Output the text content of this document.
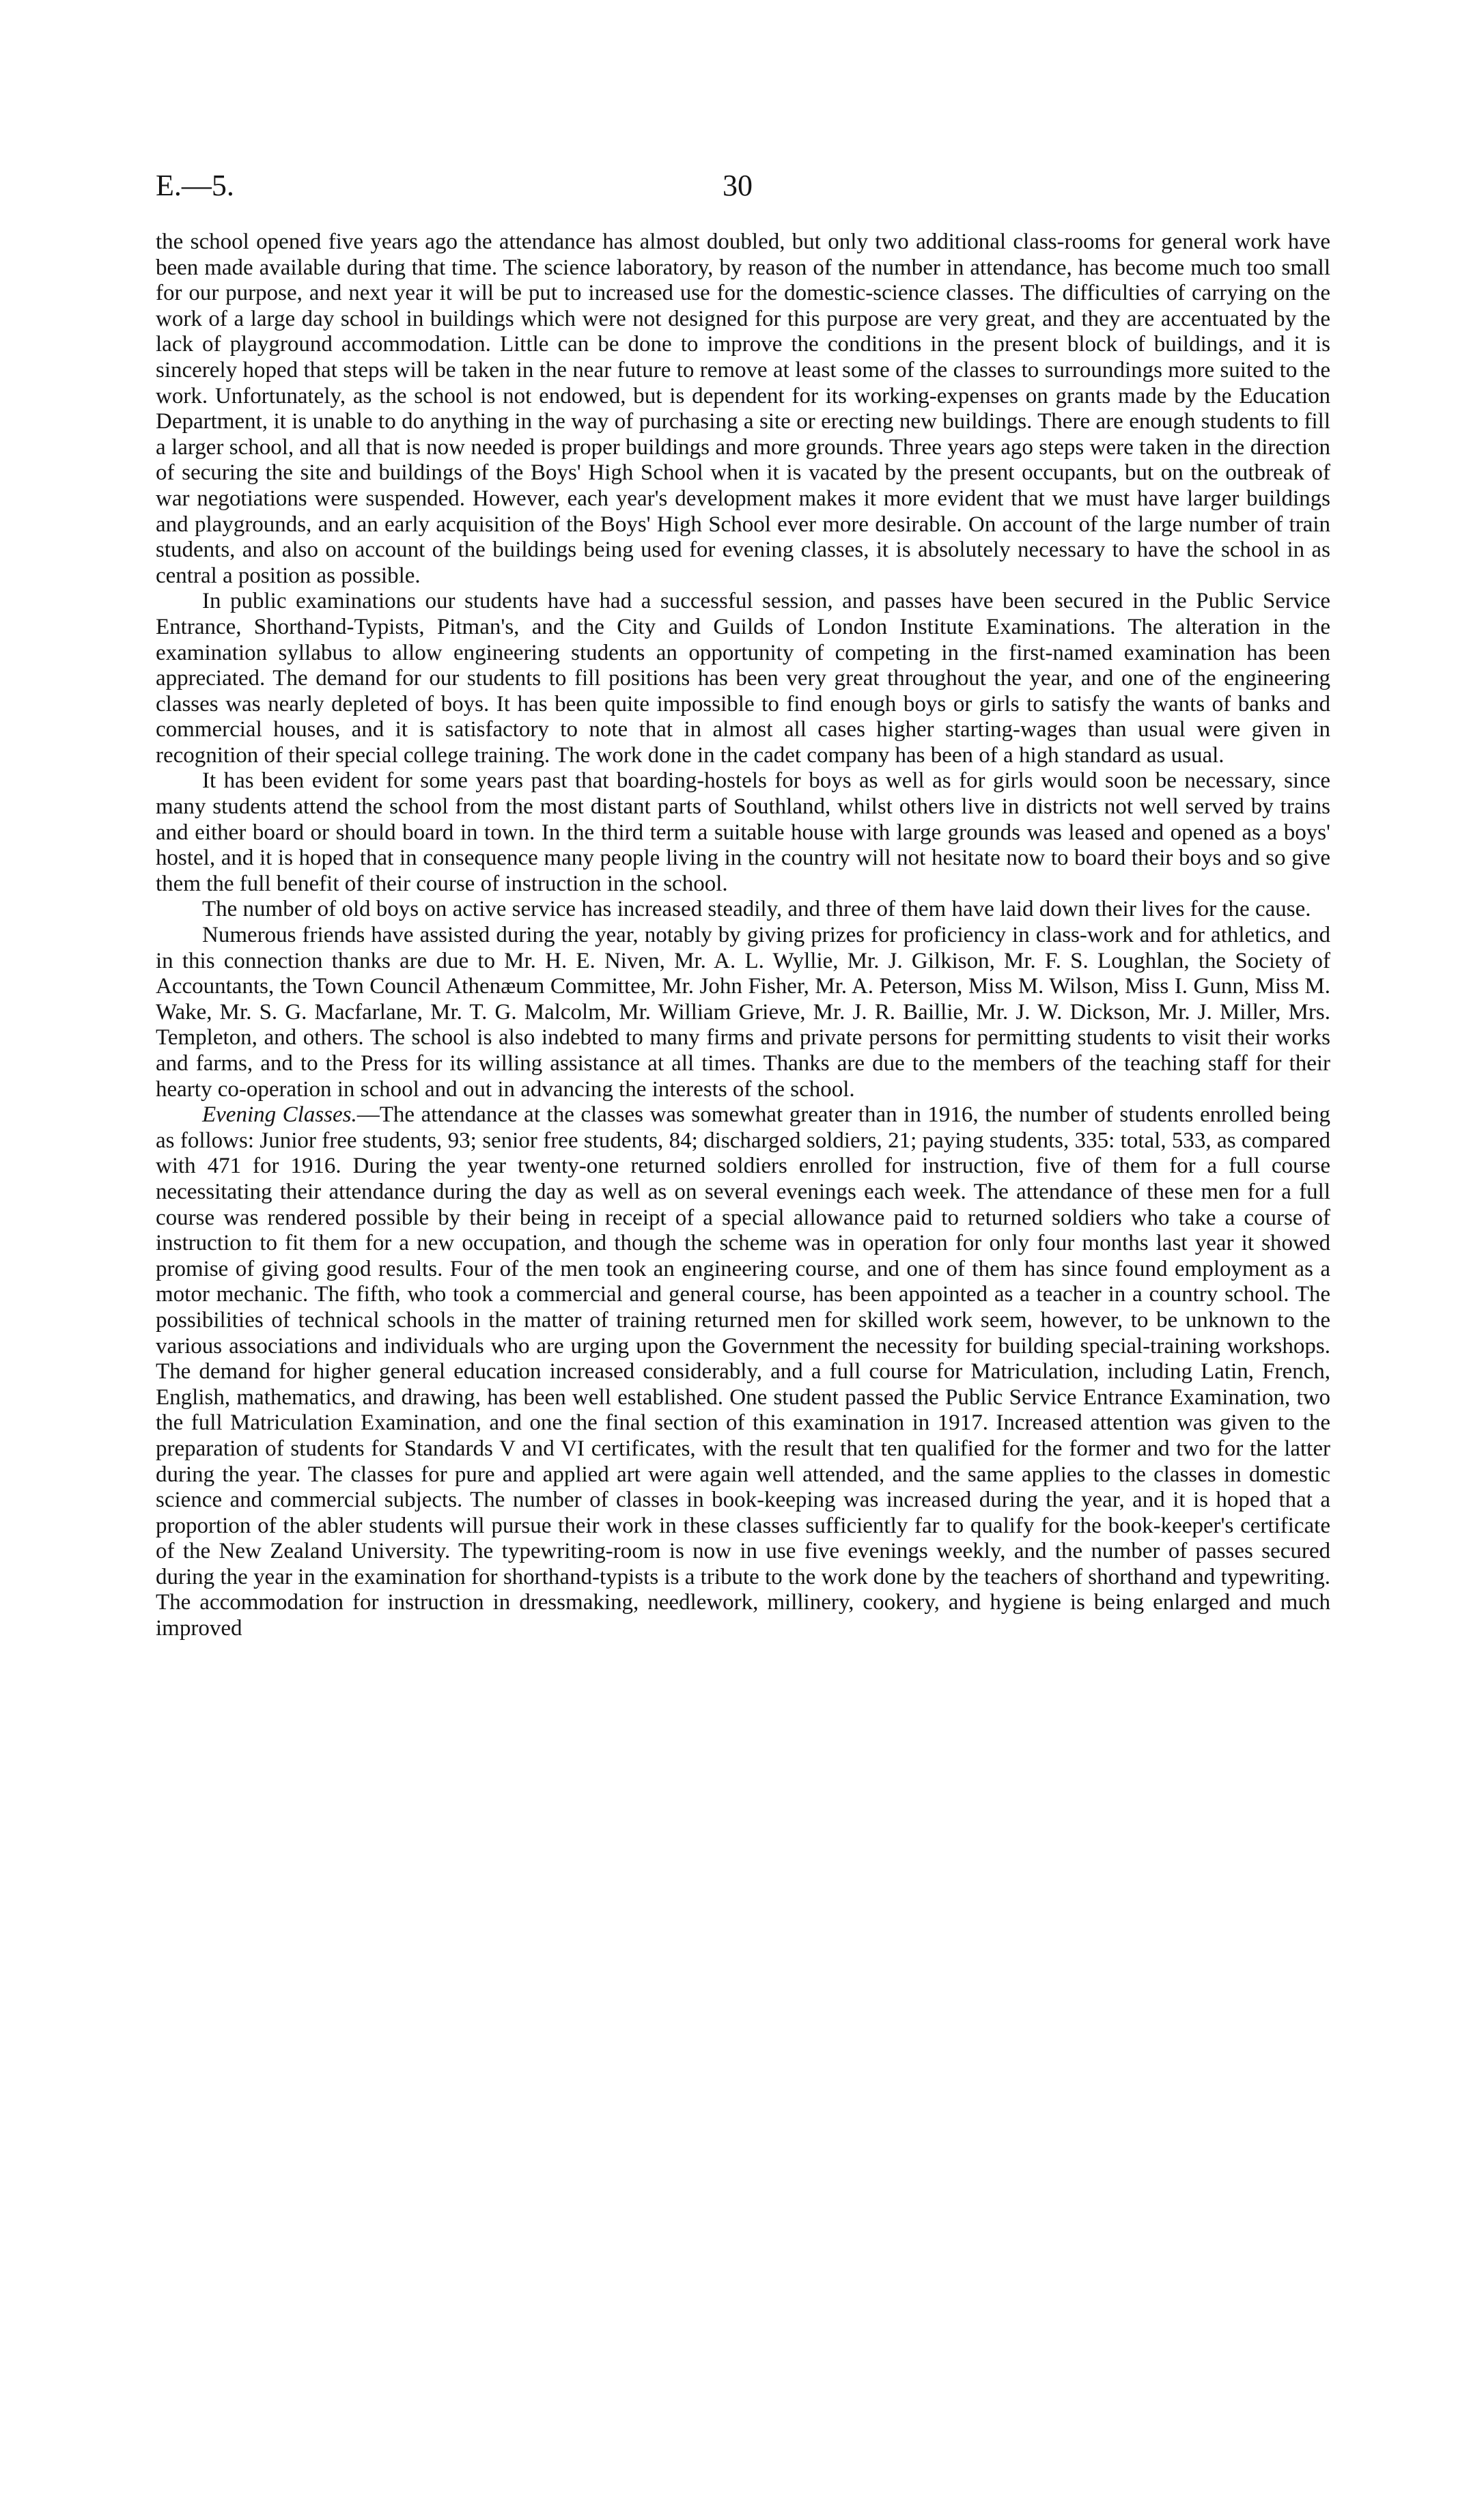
E.—5.	30

the school opened five years ago the attendance has almost doubled, but only two additional class-rooms for general work have been made available during that time. The science laboratory, by reason of the number in attendance, has become much too small for our purpose, and next year it will be put to increased use for the domestic-science classes. The difficulties of carrying on the work of a large day school in buildings which were not designed for this purpose are very great, and they are accentuated by the lack of playground accommodation. Little can be done to improve the conditions in the present block of buildings, and it is sincerely hoped that steps will be taken in the near future to remove at least some of the classes to surroundings more suited to the work. Unfortunately, as the school is not endowed, but is dependent for its working-expenses on grants made by the Education Department, it is unable to do anything in the way of purchasing a site or erecting new buildings. There are enough students to fill a larger school, and all that is now needed is proper buildings and more grounds. Three years ago steps were taken in the direction of securing the site and buildings of the Boys' High School when it is vacated by the present occupants, but on the outbreak of war negotiations were suspended. However, each year's development makes it more evident that we must have larger buildings and playgrounds, and an early acquisition of the Boys' High School ever more desirable. On account of the large number of train students, and also on account of the buildings being used for evening classes, it is absolutely necessary to have the school in as central a position as possible.

In public examinations our students have had a successful session, and passes have been secured in the Public Service Entrance, Shorthand-Typists, Pitman's, and the City and Guilds of London Institute Examinations. The alteration in the examination syllabus to allow engineering students an opportunity of competing in the first-named examination has been appreciated. The demand for our students to fill positions has been very great throughout the year, and one of the engineering classes was nearly depleted of boys. It has been quite impossible to find enough boys or girls to satisfy the wants of banks and commercial houses, and it is satisfactory to note that in almost all cases higher starting-wages than usual were given in recognition of their special college training. The work done in the cadet company has been of a high standard as usual.

It has been evident for some years past that boarding-hostels for boys as well as for girls would soon be necessary, since many students attend the school from the most distant parts of Southland, whilst others live in districts not well served by trains and either board or should board in town. In the third term a suitable house with large grounds was leased and opened as a boys' hostel, and it is hoped that in consequence many people living in the country will not hesitate now to board their boys and so give them the full benefit of their course of instruction in the school.

The number of old boys on active service has increased steadily, and three of them have laid down their lives for the cause.

Numerous friends have assisted during the year, notably by giving prizes for proficiency in class-work and for athletics, and in this connection thanks are due to Mr. H. E. Niven, Mr. A. L. Wyllie, Mr. J. Gilkison, Mr. F. S. Loughlan, the Society of Accountants, the Town Council Athenæum Committee, Mr. John Fisher, Mr. A. Peterson, Miss M. Wilson, Miss I. Gunn, Miss M. Wake, Mr. S. G. Macfarlane, Mr. T. G. Malcolm, Mr. William Grieve, Mr. J. R. Baillie, Mr. J. W. Dickson, Mr. J. Miller, Mrs. Templeton, and others. The school is also indebted to many firms and private persons for permitting students to visit their works and farms, and to the Press for its willing assistance at all times. Thanks are due to the members of the teaching staff for their hearty co-operation in school and out in advancing the interests of the school.

Evening Classes.—The attendance at the classes was somewhat greater than in 1916, the number of students enrolled being as follows: Junior free students, 93; senior free students, 84; discharged soldiers, 21; paying students, 335: total, 533, as compared with 471 for 1916. During the year twenty-one returned soldiers enrolled for instruction, five of them for a full course necessitating their attendance during the day as well as on several evenings each week. The attendance of these men for a full course was rendered possible by their being in receipt of a special allowance paid to returned soldiers who take a course of instruction to fit them for a new occupation, and though the scheme was in operation for only four months last year it showed promise of giving good results. Four of the men took an engineering course, and one of them has since found employment as a motor mechanic. The fifth, who took a commercial and general course, has been appointed as a teacher in a country school. The possibilities of technical schools in the matter of training returned men for skilled work seem, however, to be unknown to the various associations and individuals who are urging upon the Government the necessity for building special-training workshops. The demand for higher general education increased considerably, and a full course for Matriculation, including Latin, French, English, mathematics, and drawing, has been well established. One student passed the Public Service Entrance Examination, two the full Matriculation Examination, and one the final section of this examination in 1917. Increased attention was given to the preparation of students for Standards V and VI certificates, with the result that ten qualified for the former and two for the latter during the year. The classes for pure and applied art were again well attended, and the same applies to the classes in domestic science and commercial subjects. The number of classes in book-keeping was increased during the year, and it is hoped that a proportion of the abler students will pursue their work in these classes sufficiently far to qualify for the book-keeper's certificate of the New Zealand University. The typewriting-room is now in use five evenings weekly, and the number of passes secured during the year in the examination for shorthand-typists is a tribute to the work done by the teachers of shorthand and typewriting. The accommodation for instruction in dressmaking, needlework, millinery, cookery, and hygiene is being enlarged and much improved
